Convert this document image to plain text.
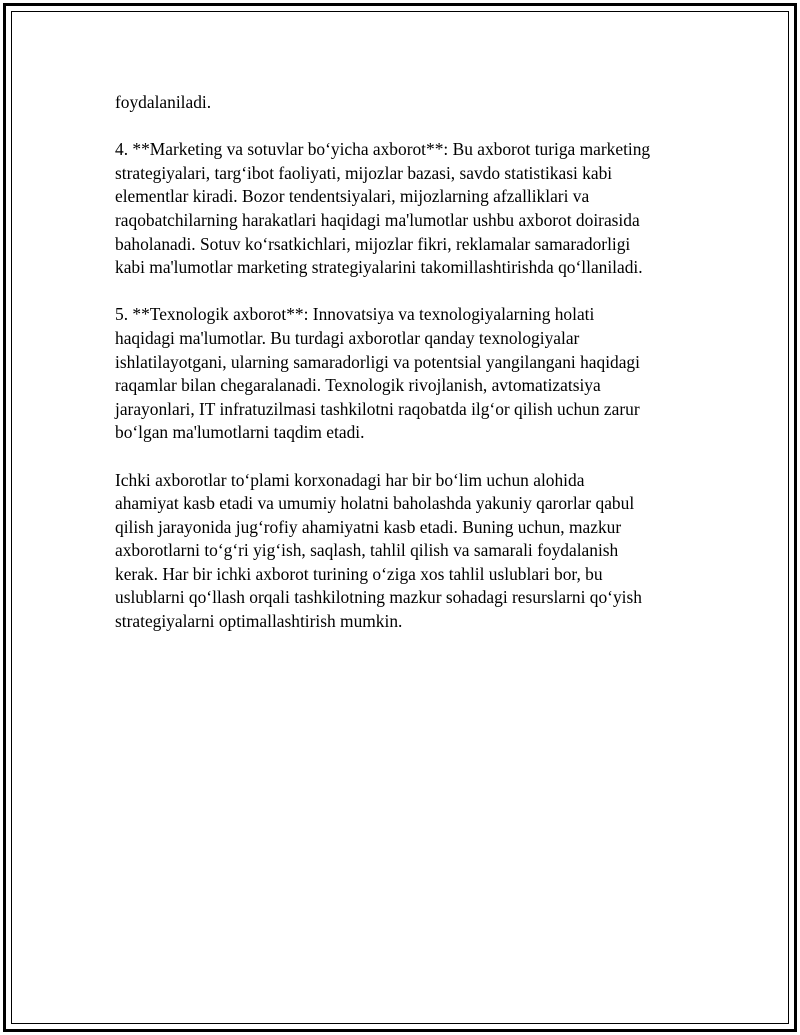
foydalaniladi.

4. **Marketing va sotuvlar bo‘yicha axborot**: Bu axborot turiga marketing
strategiyalari, targ‘ibot faoliyati, mijozlar bazasi, savdo statistikasi kabi
elementlar kiradi. Bozor tendentsiyalari, mijozlarning afzalliklari va
raqobatchilarning harakatlari haqidagi ma'lumotlar ushbu axborot doirasida
baholanadi. Sotuv ko‘rsatkichlari, mijozlar fikri, reklamalar samaradorligi
kabi ma'lumotlar marketing strategiyalarini takomillashtirishda qo‘llaniladi.

5. **Texnologik axborot**: Innovatsiya va texnologiyalarning holati
haqidagi ma'lumotlar. Bu turdagi axborotlar qanday texnologiyalar
ishlatilayotgani, ularning samaradorligi va potentsial yangilangani haqidagi
raqamlar bilan chegaralanadi. Texnologik rivojlanish, avtomatizatsiya
jarayonlari, IT infratuzilmasi tashkilotni raqobatda ilg‘or qilish uchun zarur
bo‘lgan ma'lumotlarni taqdim etadi.

Ichki axborotlar to‘plami korxonadagi har bir bo‘lim uchun alohida
ahamiyat kasb etadi va umumiy holatni baholashda yakuniy qarorlar qabul
qilish jarayonida jug‘rofiy ahamiyatni kasb etadi. Buning uchun, mazkur
axborotlarni to‘g‘ri yig‘ish, saqlash, tahlil qilish va samarali foydalanish
kerak. Har bir ichki axborot turining o‘ziga xos tahlil uslublari bor, bu
uslublarni qo‘llash orqali tashkilotning mazkur sohadagi resurslarni qo‘yish
strategiyalarni optimallashtirish mumkin.
